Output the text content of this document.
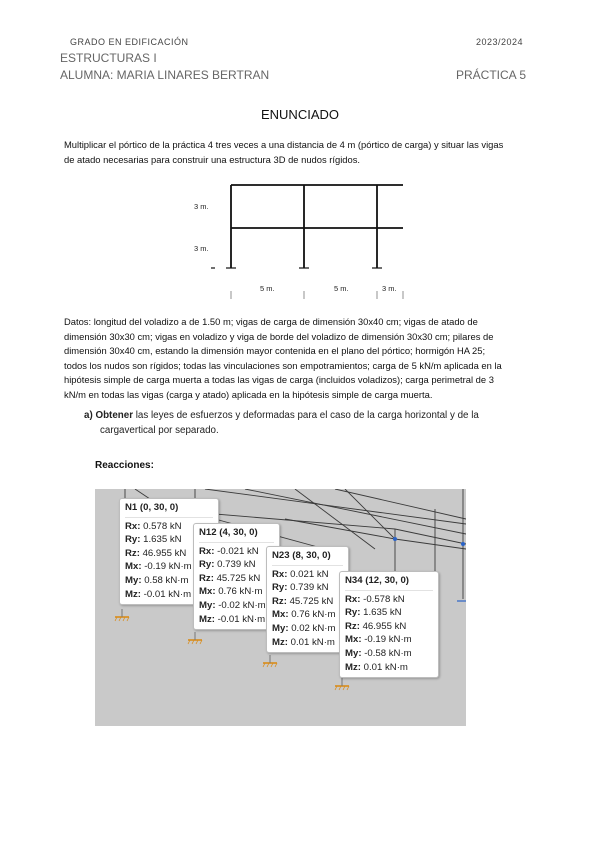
GRADO EN EDIFICACIÓN	2023/2024
ESTRUCTURAS I
ALUMNA: MARIA LINARES BERTRAN	PRÁCTICA 5
ENUNCIADO
Multiplicar el pórtico de la práctica 4 tres veces a una distancia de 4 m (pórtico de carga) y situar las vigas
de atado necesarias para construir una estructura 3D de nudos rígidos.
3 m.
3 m.
5 m.	5 m.	3 m.
Datos: longitud del voladizo a de 1.50 m; vigas de carga de dimensión 30x40 cm; vigas de atado de
dimensión 30x30 cm; vigas en voladizo y viga de borde del voladizo de dimensión 30x30 cm; pilares de
dimensión 30x40 cm, estando la dimensión mayor contenida en el plano del pórtico; hormigón HA 25;
todos los nudos son rígidos; todas las vinculaciones son empotramientos; carga de 5 kN/m aplicada en la
hipótesis simple de carga muerta a todas las vigas de carga (incluidos voladizos); carga perimetral de 3
kN/m en todas las vigas (carga y atado) aplicada en la hipótesis simple de carga muerta.
a) Obtener las leyes de esfuerzos y deformadas para el caso de la carga horizontal y de la
cargavertical por separado.
Reacciones:
N1 (0, 30, 0)
Rx: 0.578 kN
Ry: 1.635 kN
Rz: 46.955 kN
Mx: -0.19 kN·m
My: 0.58 kN·m
Mz: -0.01 kN·m
N12 (4, 30, 0)
Rx: -0.021 kN
Ry: 0.739 kN
Rz: 45.725 kN
Mx: 0.76 kN·m
My: -0.02 kN·m
Mz: -0.01 kN·m
N23 (8, 30, 0)
Rx: 0.021 kN
Ry: 0.739 kN
Rz: 45.725 kN
Mx: 0.76 kN·m
My: 0.02 kN·m
Mz: 0.01 kN·m
N34 (12, 30, 0)
Rx: -0.578 kN
Ry: 1.635 kN
Rz: 46.955 kN
Mx: -0.19 kN·m
My: -0.58 kN·m
Mz: 0.01 kN·m
